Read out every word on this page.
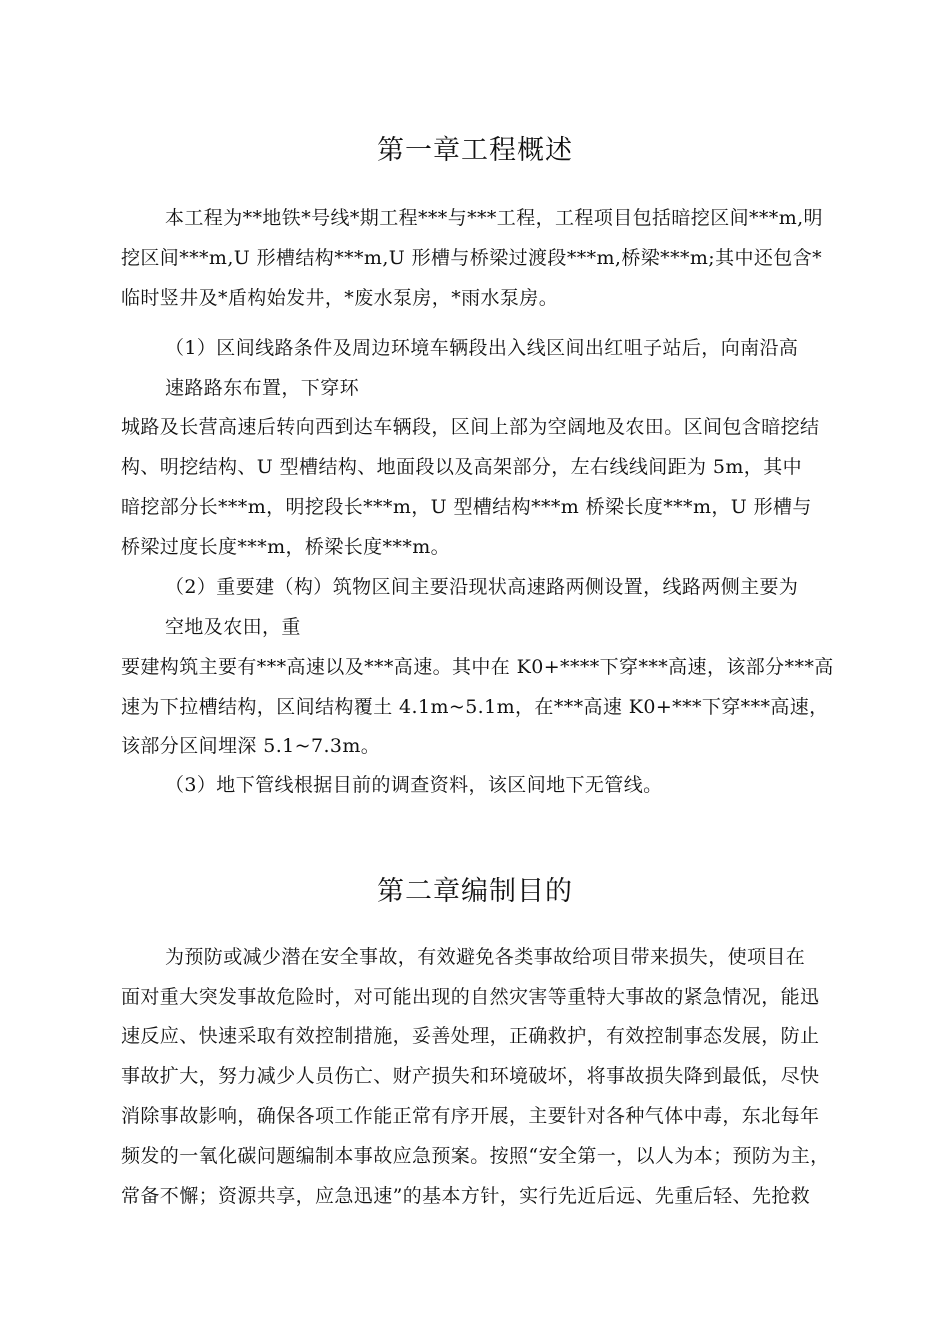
第一章工程概述
本工程为**地铁*号线*期工程***与***工程，工程项目包括暗挖区间***m,明
挖区间***m,U 形槽结构***m,U 形槽与桥梁过渡段***m,桥梁***m;其中还包含*
临时竖井及*盾构始发井，*废水泵房，*雨水泵房。
（1）区间线路条件及周边环境车辆段出入线区间出红咀子站后，向南沿高
速路路东布置，下穿环
城路及长营高速后转向西到达车辆段，区间上部为空阔地及农田。区间包含暗挖结
构、明挖结构、U 型槽结构、地面段以及高架部分，左右线线间距为 5m，其中
暗挖部分长***m，明挖段长***m，U 型槽结构***m 桥梁长度***m，U 形槽与
桥梁过度长度***m，桥梁长度***m。
（2）重要建（构）筑物区间主要沿现状高速路两侧设置，线路两侧主要为
空地及农田，重
要建构筑主要有***高速以及***高速。其中在 K0+****下穿***高速，该部分***高
速为下拉槽结构，区间结构覆土 4.1m~5.1m，在***高速 K0+***下穿***高速，
该部分区间埋深 5.1~7.3m。
（3）地下管线根据目前的调查资料，该区间地下无管线。
第二章编制目的
为预防或减少潜在安全事故，有效避免各类事故给项目带来损失，使项目在
面对重大突发事故危险时，对可能出现的自然灾害等重特大事故的紧急情况，能迅
速反应、快速采取有效控制措施，妥善处理，正确救护，有效控制事态发展，防止
事故扩大，努力减少人员伤亡、财产损失和环境破坏，将事故损失降到最低，尽快
消除事故影响，确保各项工作能正常有序开展，主要针对各种气体中毒，东北每年
频发的一氧化碳问题编制本事故应急预案。按照“安全第一，以人为本；预防为主，
常备不懈；资源共享，应急迅速”的基本方针，实行先近后远、先重后轻、先抢救
